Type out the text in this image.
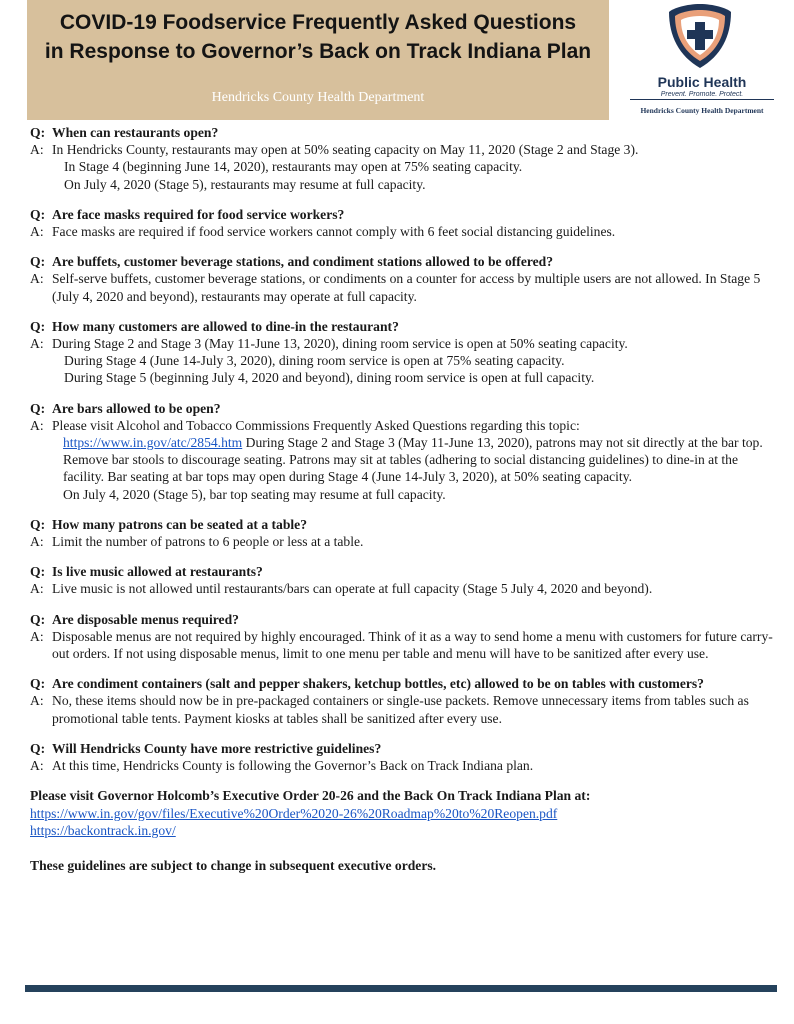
COVID-19 Foodservice Frequently Asked Questions
in Response to Governor’s Back on Track Indiana Plan
Hendricks County Health Department
Public Health
Prevent. Promote. Protect.
Hendricks County Health Department
Q: When can restaurants open?
A: In Hendricks County, restaurants may open at 50% seating capacity on May 11, 2020 (Stage 2 and Stage 3).
In Stage 4 (beginning June 14, 2020), restaurants may open at 75% seating capacity.
On July 4, 2020 (Stage 5), restaurants may resume at full capacity.
Q: Are face masks required for food service workers?
A: Face masks are required if food service workers cannot comply with 6 feet social distancing guidelines.
Q: Are buffets, customer beverage stations, and condiment stations allowed to be offered?
A: Self-serve buffets, customer beverage stations, or condiments on a counter for access by multiple users are not allowed. In Stage 5 (July 4, 2020 and beyond), restaurants may operate at full capacity.
Q: How many customers are allowed to dine-in the restaurant?
A: During Stage 2 and Stage 3 (May 11-June 13, 2020), dining room service is open at 50% seating capacity.
During Stage 4 (June 14-July 3, 2020), dining room service is open at 75% seating capacity.
During Stage 5 (beginning July 4, 2020 and beyond), dining room service is open at full capacity.
Q: Are bars allowed to be open?
A: Please visit Alcohol and Tobacco Commissions Frequently Asked Questions regarding this topic:
https://www.in.gov/atc/2854.htm During Stage 2 and Stage 3 (May 11-June 13, 2020), patrons may not sit directly at the bar top. Remove bar stools to discourage seating. Patrons may sit at tables (adhering to social distancing guidelines) to dine-in at the facility. Bar seating at bar tops may open during Stage 4 (June 14-July 3, 2020), at 50% seating capacity.
On July 4, 2020 (Stage 5), bar top seating may resume at full capacity.
Q: How many patrons can be seated at a table?
A: Limit the number of patrons to 6 people or less at a table.
Q: Is live music allowed at restaurants?
A: Live music is not allowed until restaurants/bars can operate at full capacity (Stage 5 July 4, 2020 and beyond).
Q: Are disposable menus required?
A: Disposable menus are not required by highly encouraged. Think of it as a way to send home a menu with customers for future carry-out orders. If not using disposable menus, limit to one menu per table and menu will have to be sanitized after every use.
Q: Are condiment containers (salt and pepper shakers, ketchup bottles, etc) allowed to be on tables with customers?
A: No, these items should now be in pre-packaged containers or single-use packets. Remove unnecessary items from tables such as promotional table tents. Payment kiosks at tables shall be sanitized after every use.
Q: Will Hendricks County have more restrictive guidelines?
A: At this time, Hendricks County is following the Governor’s Back on Track Indiana plan.
Please visit Governor Holcomb’s Executive Order 20-26 and the Back On Track Indiana Plan at:
https://www.in.gov/gov/files/Executive%20Order%2020-26%20Roadmap%20to%20Reopen.pdf
https://backontrack.in.gov/
These guidelines are subject to change in subsequent executive orders.
